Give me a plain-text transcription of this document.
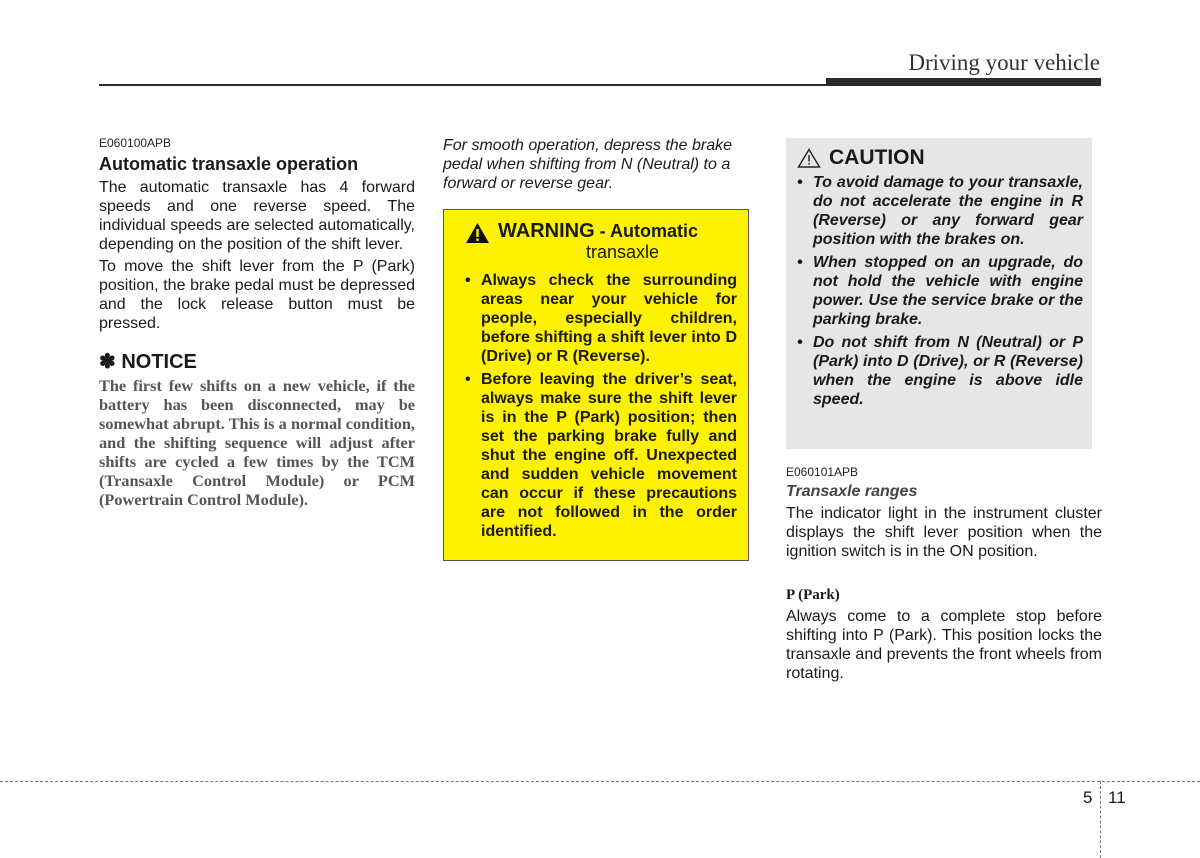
Driving your vehicle
E060100APB
Automatic transaxle operation

The automatic transaxle has 4 forward speeds and one reverse speed. The individual speeds are selected automatically, depending on the position of the shift lever.

To move the shift lever from the P (Park) position, the brake pedal must be depressed and the lock release button must be pressed.

✽ NOTICE

The first few shifts on a new vehicle, if the battery has been disconnected, may be somewhat abrupt. This is a normal condition, and the shifting sequence will adjust after shifts are cycled a few times by the TCM (Transaxle Control Module) or PCM (Powertrain Control Module).

For smooth operation, depress the brake pedal when shifting from N (Neutral) to a forward or reverse gear.

WARNING - Automatic
transaxle
• Always check the surrounding areas near your vehicle for people, especially children, before shifting a shift lever into D (Drive) or R (Reverse).
• Before leaving the driver’s seat, always make sure the shift lever is in the P (Park) position; then set the parking brake fully and shut the engine off. Unexpected and sudden vehicle movement can occur if these precautions are not followed in the order identified.
CAUTION
• To avoid damage to your transaxle, do not accelerate the engine in R (Reverse) or any forward gear position with the brakes on.
• When stopped on an upgrade, do not hold the vehicle with engine power. Use the service brake or the parking brake.
• Do not shift from N (Neutral) or P (Park) into D (Drive), or R (Reverse) when the engine is above idle speed.
E060101APB
Transaxle ranges

The indicator light in the instrument cluster displays the shift lever position when the ignition switch is in the ON position.

P (Park)

Always come to a complete stop before shifting into P (Park). This position locks the transaxle and prevents the front wheels from rotating.

5 11
